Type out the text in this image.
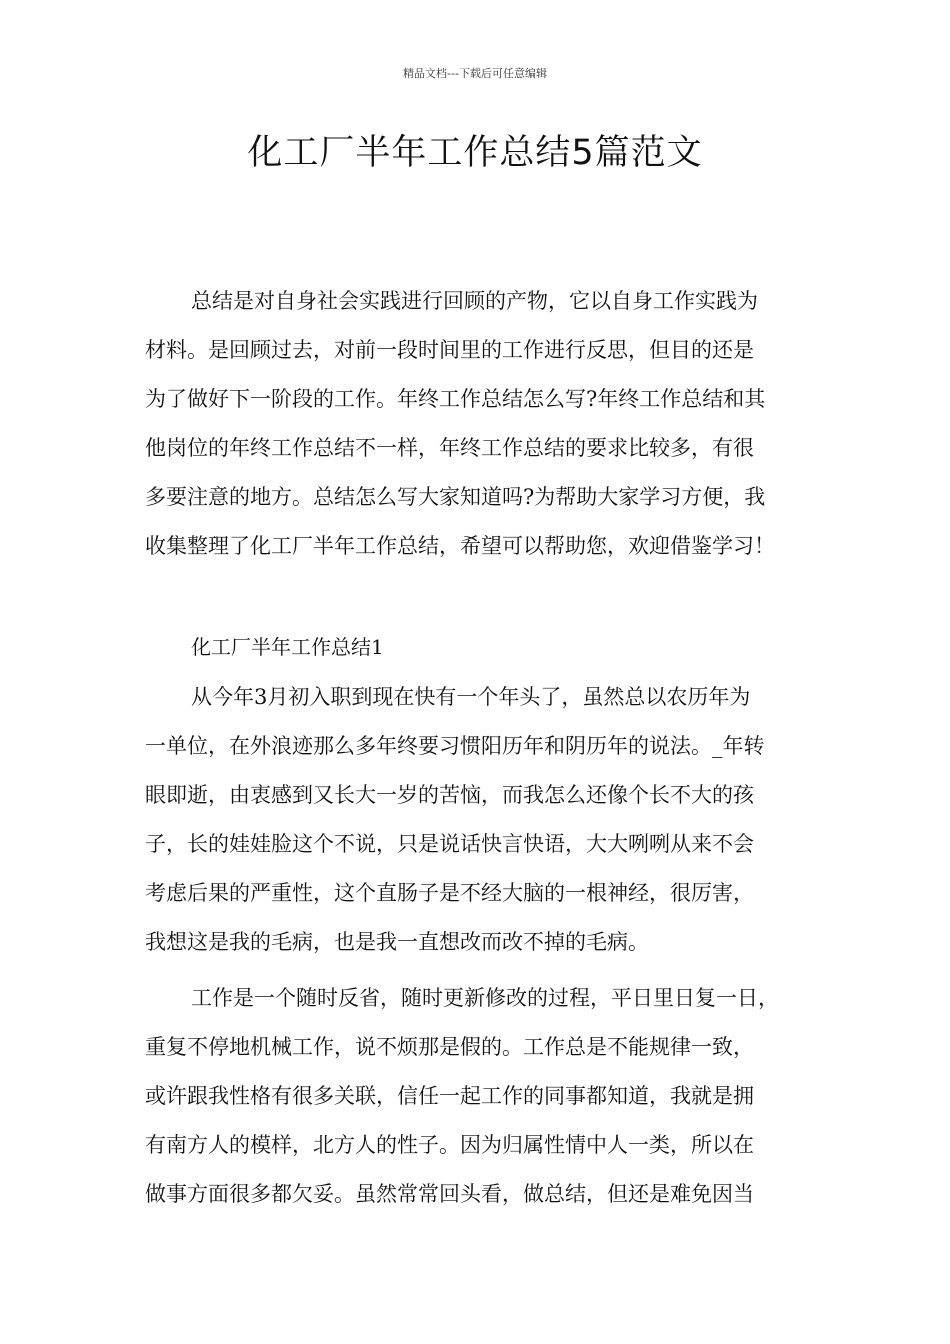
精品文档---下载后可任意编辑
化工厂半年工作总结5篇范文
总结是对自身社会实践进行回顾的产物，它以自身工作实践为
材料。是回顾过去，对前一段时间里的工作进行反思，但目的还是
为了做好下一阶段的工作。年终工作总结怎么写?年终工作总结和其
他岗位的年终工作总结不一样，年终工作总结的要求比较多，有很
多要注意的地方。总结怎么写大家知道吗?为帮助大家学习方便，我
收集整理了化工厂半年工作总结，希望可以帮助您，欢迎借鉴学习！
化工厂半年工作总结1
从今年3月初入职到现在快有一个年头了，虽然总以农历年为
一单位，在外浪迹那么多年终要习惯阳历年和阴历年的说法。_年转
眼即逝，由衷感到又长大一岁的苦恼，而我怎么还像个长不大的孩
子，长的娃娃脸这个不说，只是说话快言快语，大大咧咧从来不会
考虑后果的严重性，这个直肠子是不经大脑的一根神经，很厉害，
我想这是我的毛病，也是我一直想改而改不掉的毛病。
工作是一个随时反省，随时更新修改的过程，平日里日复一日，
重复不停地机械工作，说不烦那是假的。工作总是不能规律一致，
或许跟我性格有很多关联，信任一起工作的同事都知道，我就是拥
有南方人的模样，北方人的性子。因为归属性情中人一类，所以在
做事方面很多都欠妥。虽然常常回头看，做总结，但还是难免因当
